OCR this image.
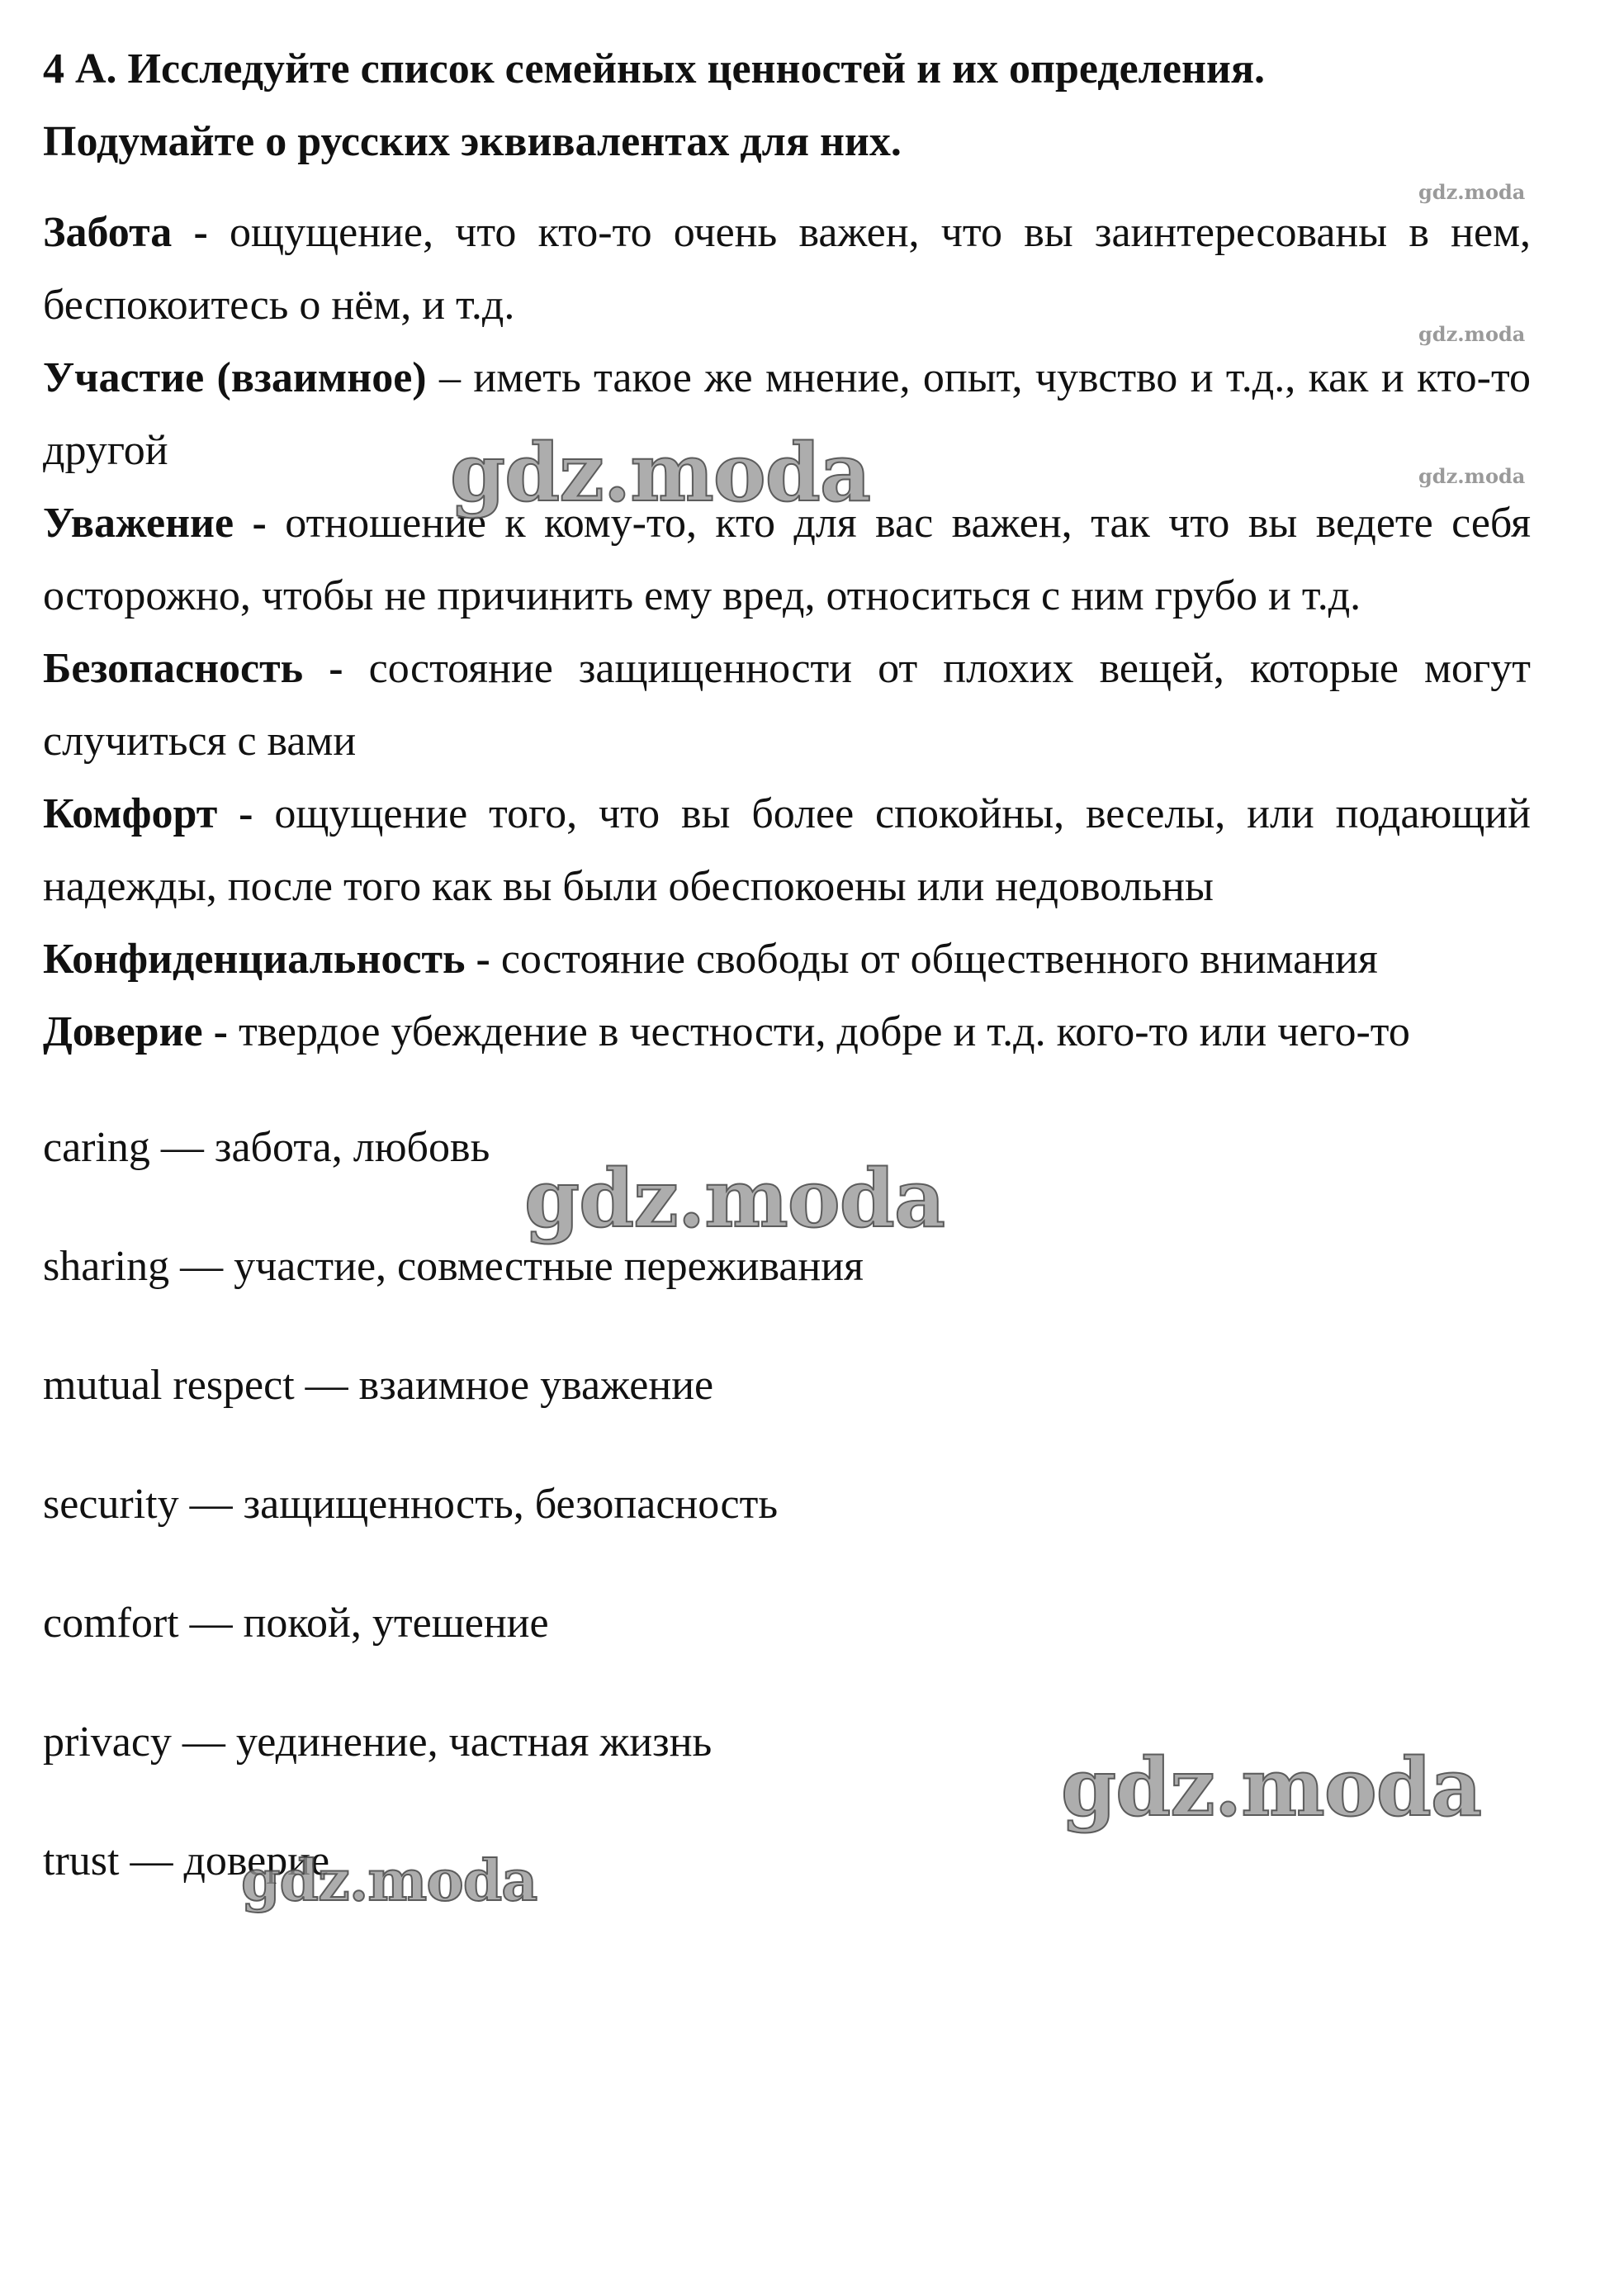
4 А. Исследуйте список семейных ценностей и их определения.
Подумайте о русских эквивалентах для них.

Забота - ощущение, что кто-то очень важен, что вы заинтересованы в нем, беспокоитесь о нём, и т.д.

Участие (взаимное) – иметь такое же мнение, опыт, чувство и т.д., как и кто-то другой

Уважение - отношение к кому-то, кто для вас важен, так что вы ведете себя осторожно, чтобы не причинить ему вред, относиться с ним грубо и т.д.

Безопасность - состояние защищенности от плохих вещей, которые могут случиться с вами

Комфорт - ощущение того, что вы более спокойны, веселы, или подающий надежды, после того как вы были обеспокоены или недовольны

Конфиденциальность - состояние свободы от общественного внимания

Доверие - твердое убеждение в честности, добре и т.д. кого-то или чего-то

caring — забота, любовь

sharing — участие, совместные переживания

mutual respect — взаимное уважение

security — защищенность, безопасность

comfort — покой, утешение

privacy — уединение, частная жизнь

trust — доверие

gdz.moda
gdz.moda
gdz.moda
gdz.moda
gdz.moda
gdz.moda
gdz.moda
